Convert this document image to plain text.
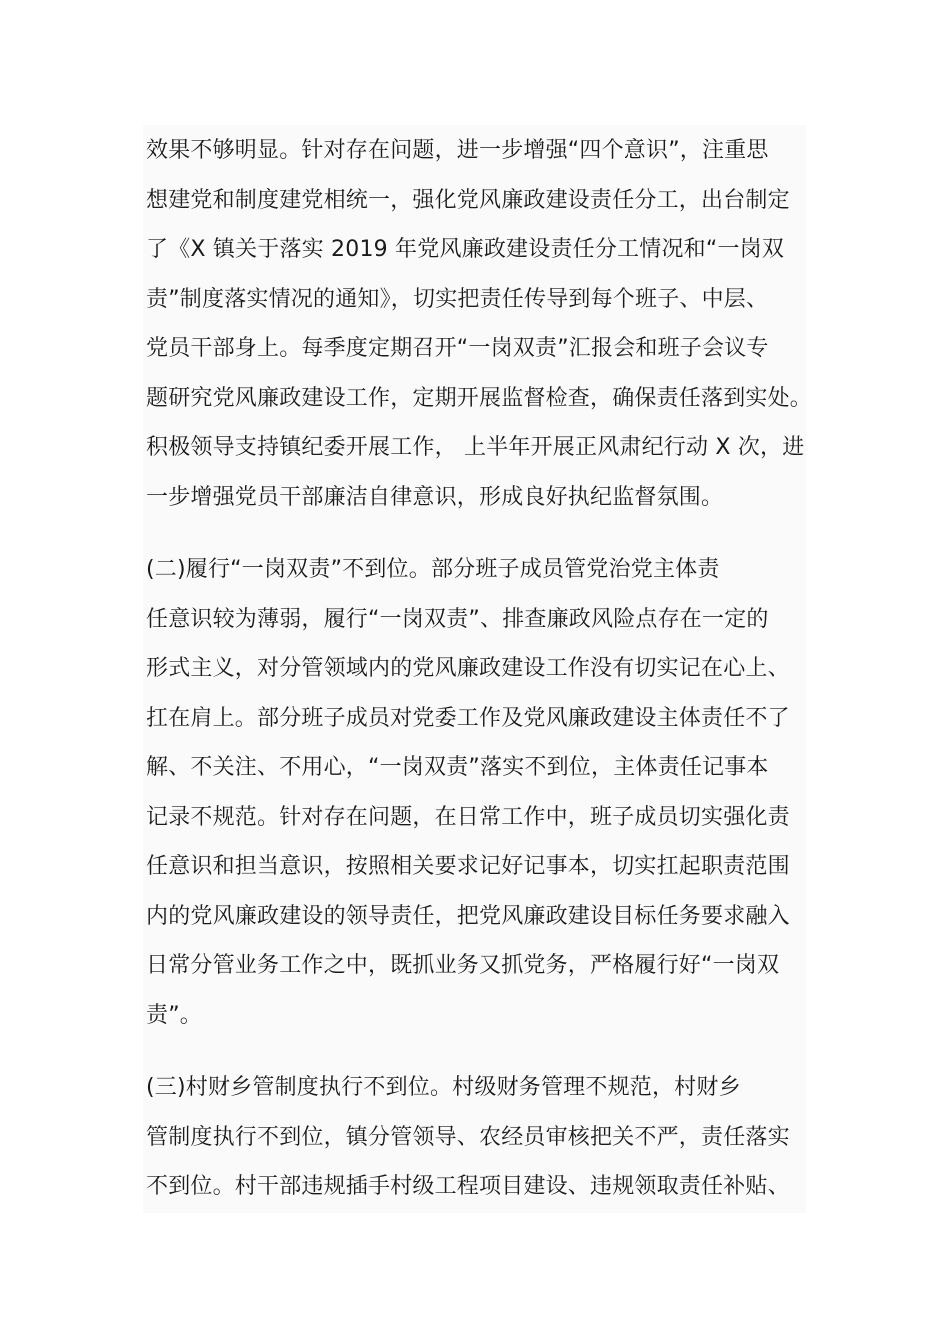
效果不够明显。针对存在问题，进一步增强“四个意识”，注重思
想建党和制度建党相统一，强化党风廉政建设责任分工，出台制定
了《X 镇关于落实 2019 年党风廉政建设责任分工情况和“一岗双
责”制度落实情况的通知》，切实把责任传导到每个班子、中层、
党员干部身上。每季度定期召开“一岗双责”汇报会和班子会议专
题研究党风廉政建设工作，定期开展监督检查，确保责任落到实处。
积极领导支持镇纪委开展工作， 上半年开展正风肃纪行动 X 次，进
一步增强党员干部廉洁自律意识，形成良好执纪监督氛围。
(二)履行“一岗双责”不到位。部分班子成员管党治党主体责
任意识较为薄弱，履行“一岗双责”、排查廉政风险点存在一定的
形式主义，对分管领域内的党风廉政建设工作没有切实记在心上、
扛在肩上。部分班子成员对党委工作及党风廉政建设主体责任不了
解、不关注、不用心，“一岗双责”落实不到位，主体责任记事本
记录不规范。针对存在问题，在日常工作中，班子成员切实强化责
任意识和担当意识，按照相关要求记好记事本，切实扛起职责范围
内的党风廉政建设的领导责任，把党风廉政建设目标任务要求融入
日常分管业务工作之中，既抓业务又抓党务，严格履行好“一岗双
责”。
(三)村财乡管制度执行不到位。村级财务管理不规范，村财乡
管制度执行不到位，镇分管领导、农经员审核把关不严，责任落实
不到位。村干部违规插手村级工程项目建设、违规领取责任补贴、
